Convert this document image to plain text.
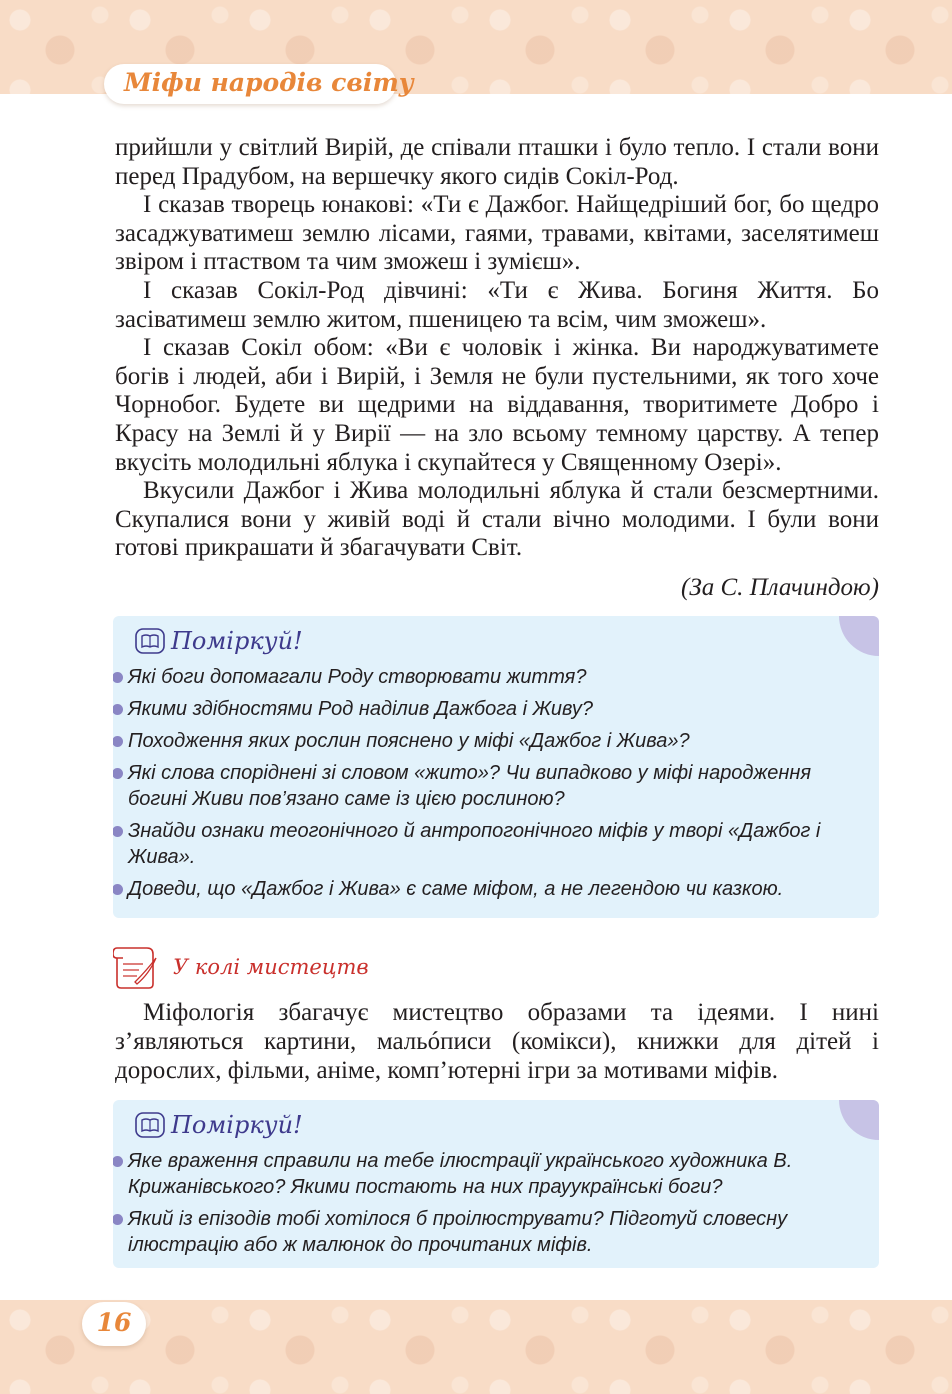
Міфи народів світу

прийшли у світлий Вирій, де співали пташки і було тепло. І стали вони перед Прадубом, на вершечку якого сидів Сокіл-Род.

І сказав творець юнакові: «Ти є Дажбог. Найщедріший бог, бо щедро засаджуватимеш землю лісами, гаями, травами, квітами, заселятимеш звіром і птаством та чим зможеш і зумієш».

І сказав Сокіл-Род дівчині: «Ти є Жива. Богиня Життя. Бо засіватимеш землю житом, пшеницею та всім, чим зможеш».

І сказав Сокіл обом: «Ви є чоловік і жінка. Ви народжуватимете богів і людей, аби і Вирій, і Земля не були пустельними, як того хоче Чорнобог. Будете ви щедрими на віддавання, творитимете Добро і Красу на Землі й у Вирії — на зло всьому темному царству. А тепер вкусіть молодильні яблука і скупайтеся у Священному Озері».

Вкусили Дажбог і Жива молодильні яблука й стали безсмертними. Скупалися вони у живій воді й стали вічно молодими. І були вони готові прикрашати й збагачувати Світ.

(За С. Плачиндою)

Поміркуй!
Які боги допомагали Роду створювати життя?
Якими здібностями Род наділив Дажбога і Живу?
Походження яких рослин пояснено у міфі «Дажбог і Жива»?
Які слова споріднені зі словом «жито»? Чи випадково у міфі народження богині Живи пов’язано саме із цією рослиною?
Знайди ознаки теогонічного й антропогонічного міфів у творі «Дажбог і Жива».
Доведи, що «Дажбог і Жива» є саме міфом, а не легендою чи казкою.
У колі мистецтв

Міфологія збагачує мистецтво образами та ідеями. І нині з’являються картини, мальóписи (комікси), книжки для дітей і дорослих, фільми, аніме, комп’ютерні ігри за мотивами міфів.

Поміркуй!
Яке враження справили на тебе ілюстрації українського художника В. Крижанівського? Якими постають на них прауукраїнські боги?
Який із епізодів тобі хотілося б проілюструвати? Підготуй словесну ілюстрацію або ж малюнок до прочитаних міфів.
16
